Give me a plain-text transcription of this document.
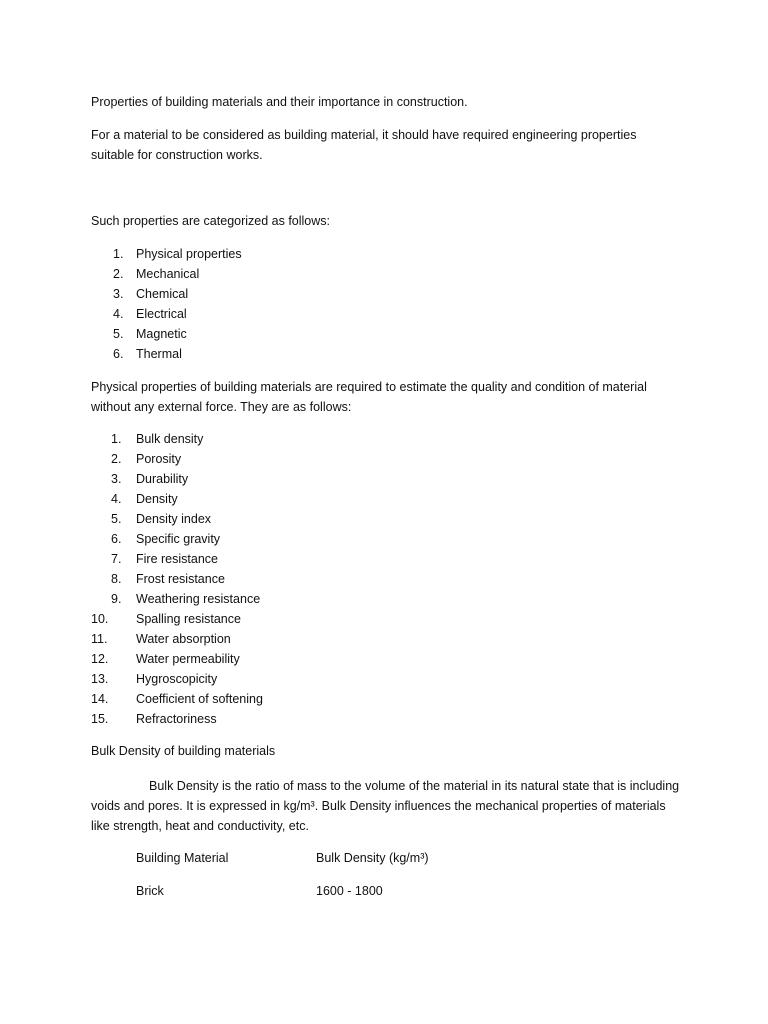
Properties of building materials and their importance in construction.

For a material to be considered as building material, it should have required engineering properties suitable for construction works.

Such properties are categorized as follows:

1. Physical properties
2. Mechanical
3. Chemical
4. Electrical
5. Magnetic
6. Thermal

Physical properties of building materials are required to estimate the quality and condition of material without any external force. They are as follows:

1. Bulk density
2. Porosity
3. Durability
4. Density
5. Density index
6. Specific gravity
7. Fire resistance
8. Frost resistance
9. Weathering resistance
10. Spalling resistance
11. Water absorption
12. Water permeability
13. Hygroscopicity
14. Coefficient of softening
15. Refractoriness

Bulk Density of building materials

Bulk Density is the ratio of mass to the volume of the material in its natural state that is including voids and pores. It is expressed in kg/m³. Bulk Density influences the mechanical properties of materials like strength, heat and conductivity, etc.

Building Material	Bulk Density (kg/m³)
Brick	1600 - 1800
